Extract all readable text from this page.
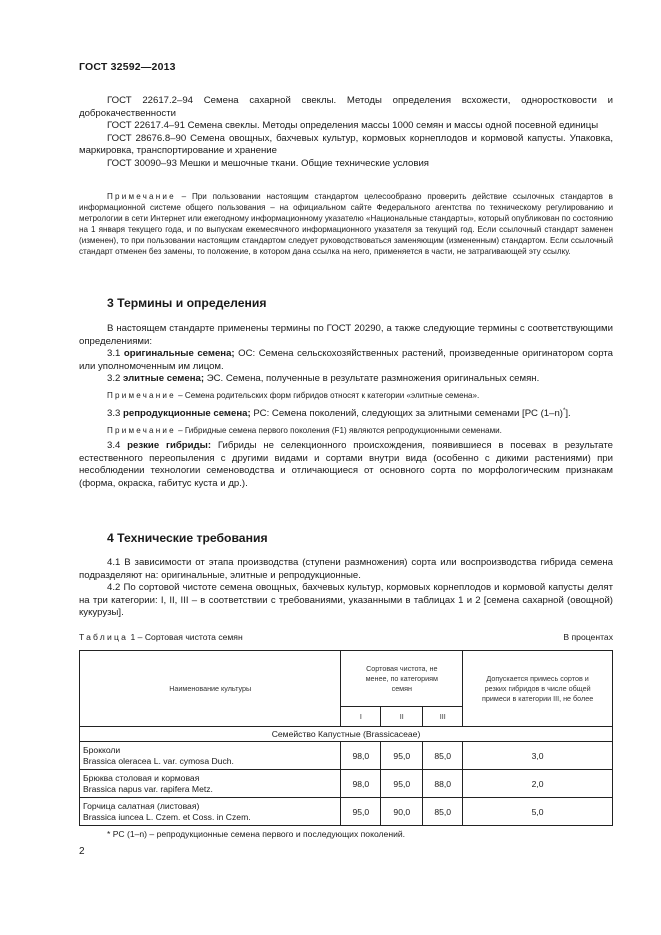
ГОСТ 32592—2013

ГОСТ 22617.2–94 Семена сахарной свеклы. Методы определения всхожести, одноростковости и доброкачественности

ГОСТ 22617.4–91 Семена свеклы. Методы определения массы 1000 семян и массы одной посевной единицы

ГОСТ 28676.8–90 Семена овощных, бахчевых культур, кормовых корнеплодов и кормовой капусты. Упаковка, маркировка, транспортирование и хранение

ГОСТ 30090–93 Мешки и мешочные ткани. Общие технические условия

Примечание – При пользовании настоящим стандартом целесообразно проверить действие ссылочных стандартов в информационной системе общего пользования – на официальном сайте Федерального агентства по техническому регулированию и метрологии в сети Интернет или ежегодному информационному указателю «Национальные стандарты», который опубликован по состоянию на 1 января текущего года, и по выпускам ежемесячного информационного указателя за текущий год. Если ссылочный стандарт заменен (изменен), то при пользовании настоящим стандартом следует руководствоваться заменяющим (измененным) стандартом. Если ссылочный стандарт отменен без замены, то положение, в котором дана ссылка на него, применяется в части, не затрагивающей эту ссылку.

3 Термины и определения

В настоящем стандарте применены термины по ГОСТ 20290, а также следующие термины с соответствующими определениями:

3.1 оригинальные семена; ОС: Семена сельскохозяйственных растений, произведенные оригинатором сорта или уполномоченным им лицом.

3.2 элитные семена; ЭС. Семена, полученные в результате размножения оригинальных семян.

Примечание – Семена родительских форм гибридов относят к категории «элитные семена».

3.3 репродукционные семена; РС: Семена поколений, следующих за элитными семенами [РС (1–n)*].

Примечание – Гибридные семена первого поколения (F1) являются репродукционными семенами.

3.4 резкие гибриды: Гибриды не селекционного происхождения, появившиеся в посевах в результате естественного переопыления с другими видами и сортами внутри вида (особенно с дикими растениями) при несоблюдении технологии семеноводства и отличающиеся от основного сорта по морфологическим признакам (форма, окраска, габитус куста и др.).

4 Технические требования

4.1 В зависимости от этапа производства (ступени размножения) сорта или воспроизводства гибрида семена подразделяют на: оригинальные, элитные и репродукционные.

4.2 По сортовой чистоте семена овощных, бахчевых культур, кормовых корнеплодов и кормовой капусты делят на три категории: I, II, III – в соответствии с требованиями, указанными в таблицах 1 и 2 [семена сахарной (овощной) кукурузы].

Таблица 1 – Сортовая чистота семян	В процентах
Наименование культуры	Сортовая чистота, не менее, по категориям семян			Допускается примесь сортов и резких гибридов в числе общей примеси в категории III, не более
	I	II	III	
Семейство Капустные (Brassicaceae)				

Брокколи
Brassica oleracea L. var. cymosa Duch.	98,0	95,0	85,0	3,0

Брюква столовая и кормовая
Brassica napus var. rapifera Metz.	98,0	95,0	88,0	2,0

Горчица салатная (листовая)
Brassica iuncea L. Czem. et Coss. in Czem.	95,0	90,0	85,0	5,0
* РС (1–n) – репродукционные семена первого и последующих поколений.
2
